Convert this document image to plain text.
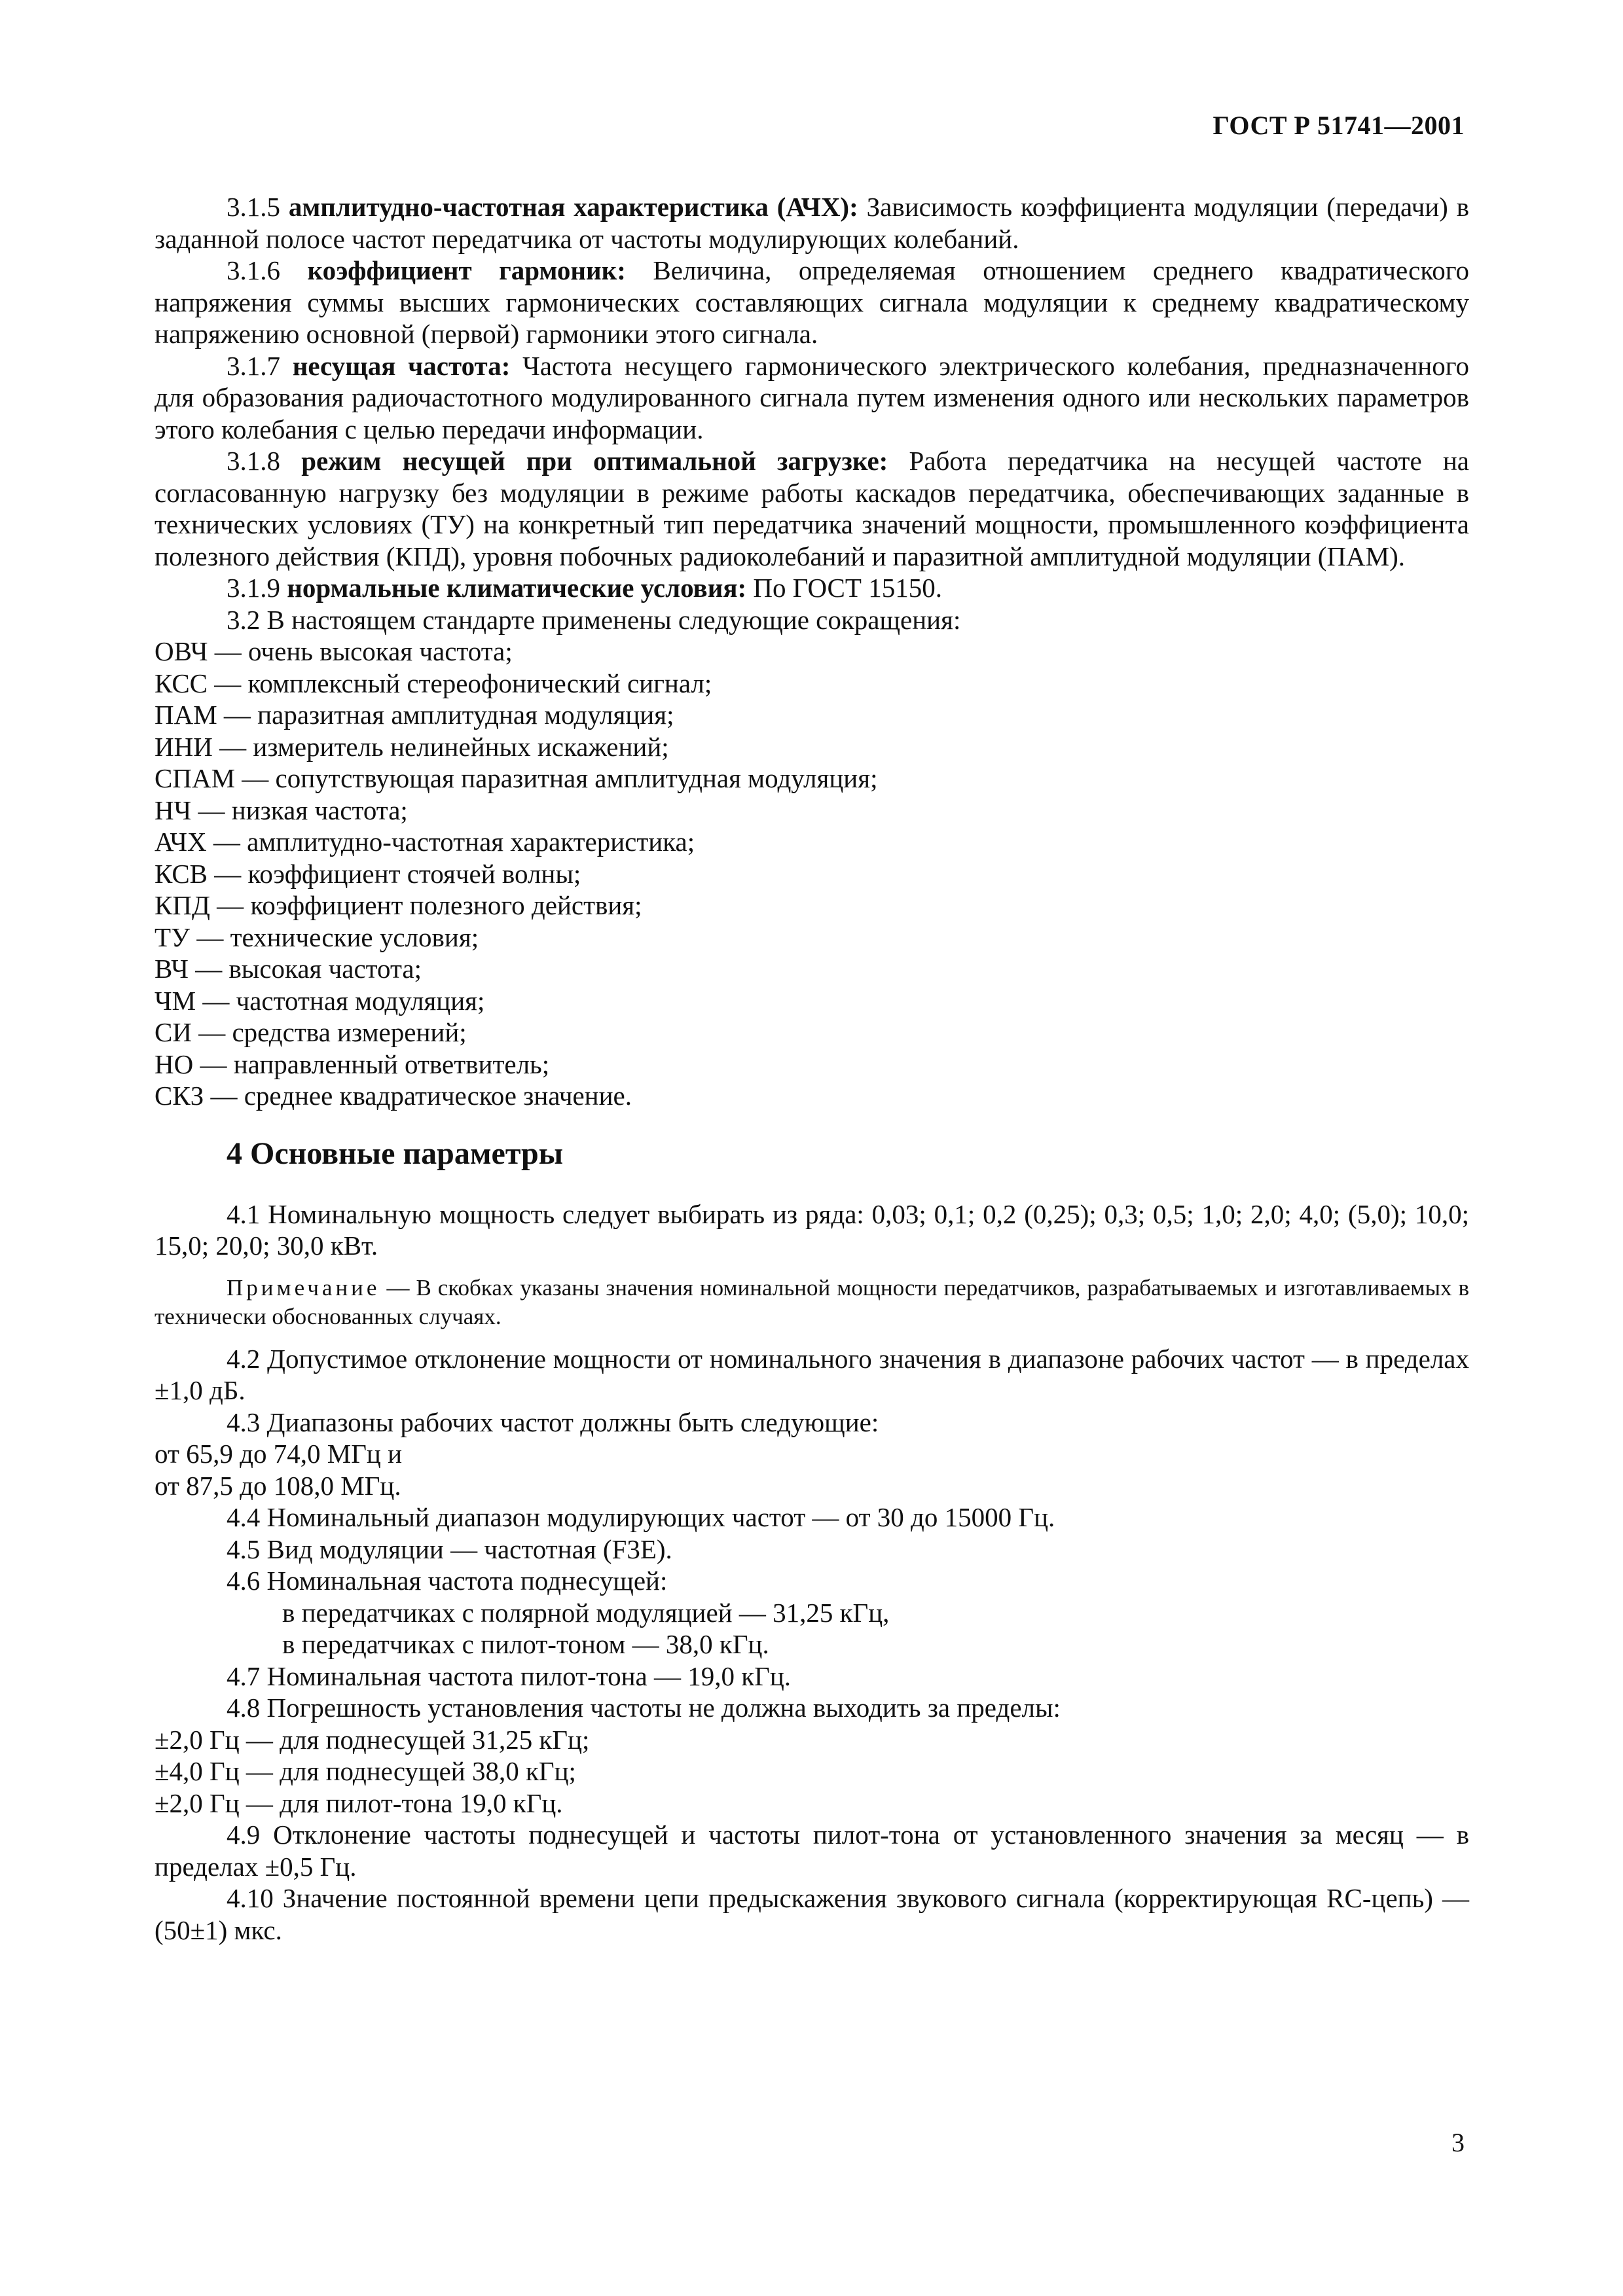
ГОСТ Р 51741—2001

3.1.5 амплитудно-частотная характеристика (АЧХ): Зависимость коэффициента модуляции (передачи) в заданной полосе частот передатчика от частоты модулирующих колебаний.

3.1.6 коэффициент гармоник: Величина, определяемая отношением среднего квадратического напряжения суммы высших гармонических составляющих сигнала модуляции к среднему квадратическому напряжению основной (первой) гармоники этого сигнала.

3.1.7 несущая частота: Частота несущего гармонического электрического колебания, предназначенного для образования радиочастотного модулированного сигнала путем изменения одного или нескольких параметров этого колебания с целью передачи информации.

3.1.8 режим несущей при оптимальной загрузке: Работа передатчика на несущей частоте на согласованную нагрузку без модуляции в режиме работы каскадов передатчика, обеспечивающих заданные в технических условиях (ТУ) на конкретный тип передатчика значений мощности, промышленного коэффициента полезного действия (КПД), уровня побочных радиоколебаний и паразитной амплитудной модуляции (ПАМ).

3.1.9 нормальные климатические условия: По ГОСТ 15150.

3.2 В настоящем стандарте применены следующие сокращения:

ОВЧ — очень высокая частота;
КСС — комплексный стереофонический сигнал;
ПАМ — паразитная амплитудная модуляция;
ИНИ — измеритель нелинейных искажений;
СПАМ — сопутствующая паразитная амплитудная модуляция;
НЧ — низкая частота;
АЧХ — амплитудно-частотная характеристика;
КСВ — коэффициент стоячей волны;
КПД — коэффициент полезного действия;
ТУ — технические условия;
ВЧ — высокая частота;
ЧМ — частотная модуляция;
СИ — средства измерений;
НО — направленный ответвитель;
СКЗ — среднее квадратическое значение.
4 Основные параметры

4.1 Номинальную мощность следует выбирать из ряда: 0,03; 0,1; 0,2 (0,25); 0,3; 0,5; 1,0; 2,0; 4,0; (5,0); 10,0; 15,0; 20,0; 30,0 кВт.

Примечание — В скобках указаны значения номинальной мощности передатчиков, разрабатываемых и изготавливаемых в технически обоснованных случаях.

4.2 Допустимое отклонение мощности от номинального значения в диапазоне рабочих частот — в пределах ±1,0 дБ.

4.3 Диапазоны рабочих частот должны быть следующие:

от 65,9 до 74,0 МГц и
от 87,5 до 108,0 МГц.

4.4 Номинальный диапазон модулирующих частот — от 30 до 15000 Гц.

4.5 Вид модуляции — частотная (F3E).

4.6 Номинальная частота поднесущей:

в передатчиках с полярной модуляцией — 31,25 кГц,
в передатчиках с пилот-тоном — 38,0 кГц.

4.7 Номинальная частота пилот-тона — 19,0 кГц.

4.8 Погрешность установления частоты не должна выходить за пределы:

±2,0 Гц — для поднесущей 31,25 кГц;
±4,0 Гц — для поднесущей 38,0 кГц;
±2,0 Гц — для пилот-тона 19,0 кГц.

4.9 Отклонение частоты поднесущей и частоты пилот-тона от установленного значения за месяц — в пределах ±0,5 Гц.

4.10 Значение постоянной времени цепи предыскажения звукового сигнала (корректирующая RC-цепь) — (50±1) мкс.

3
